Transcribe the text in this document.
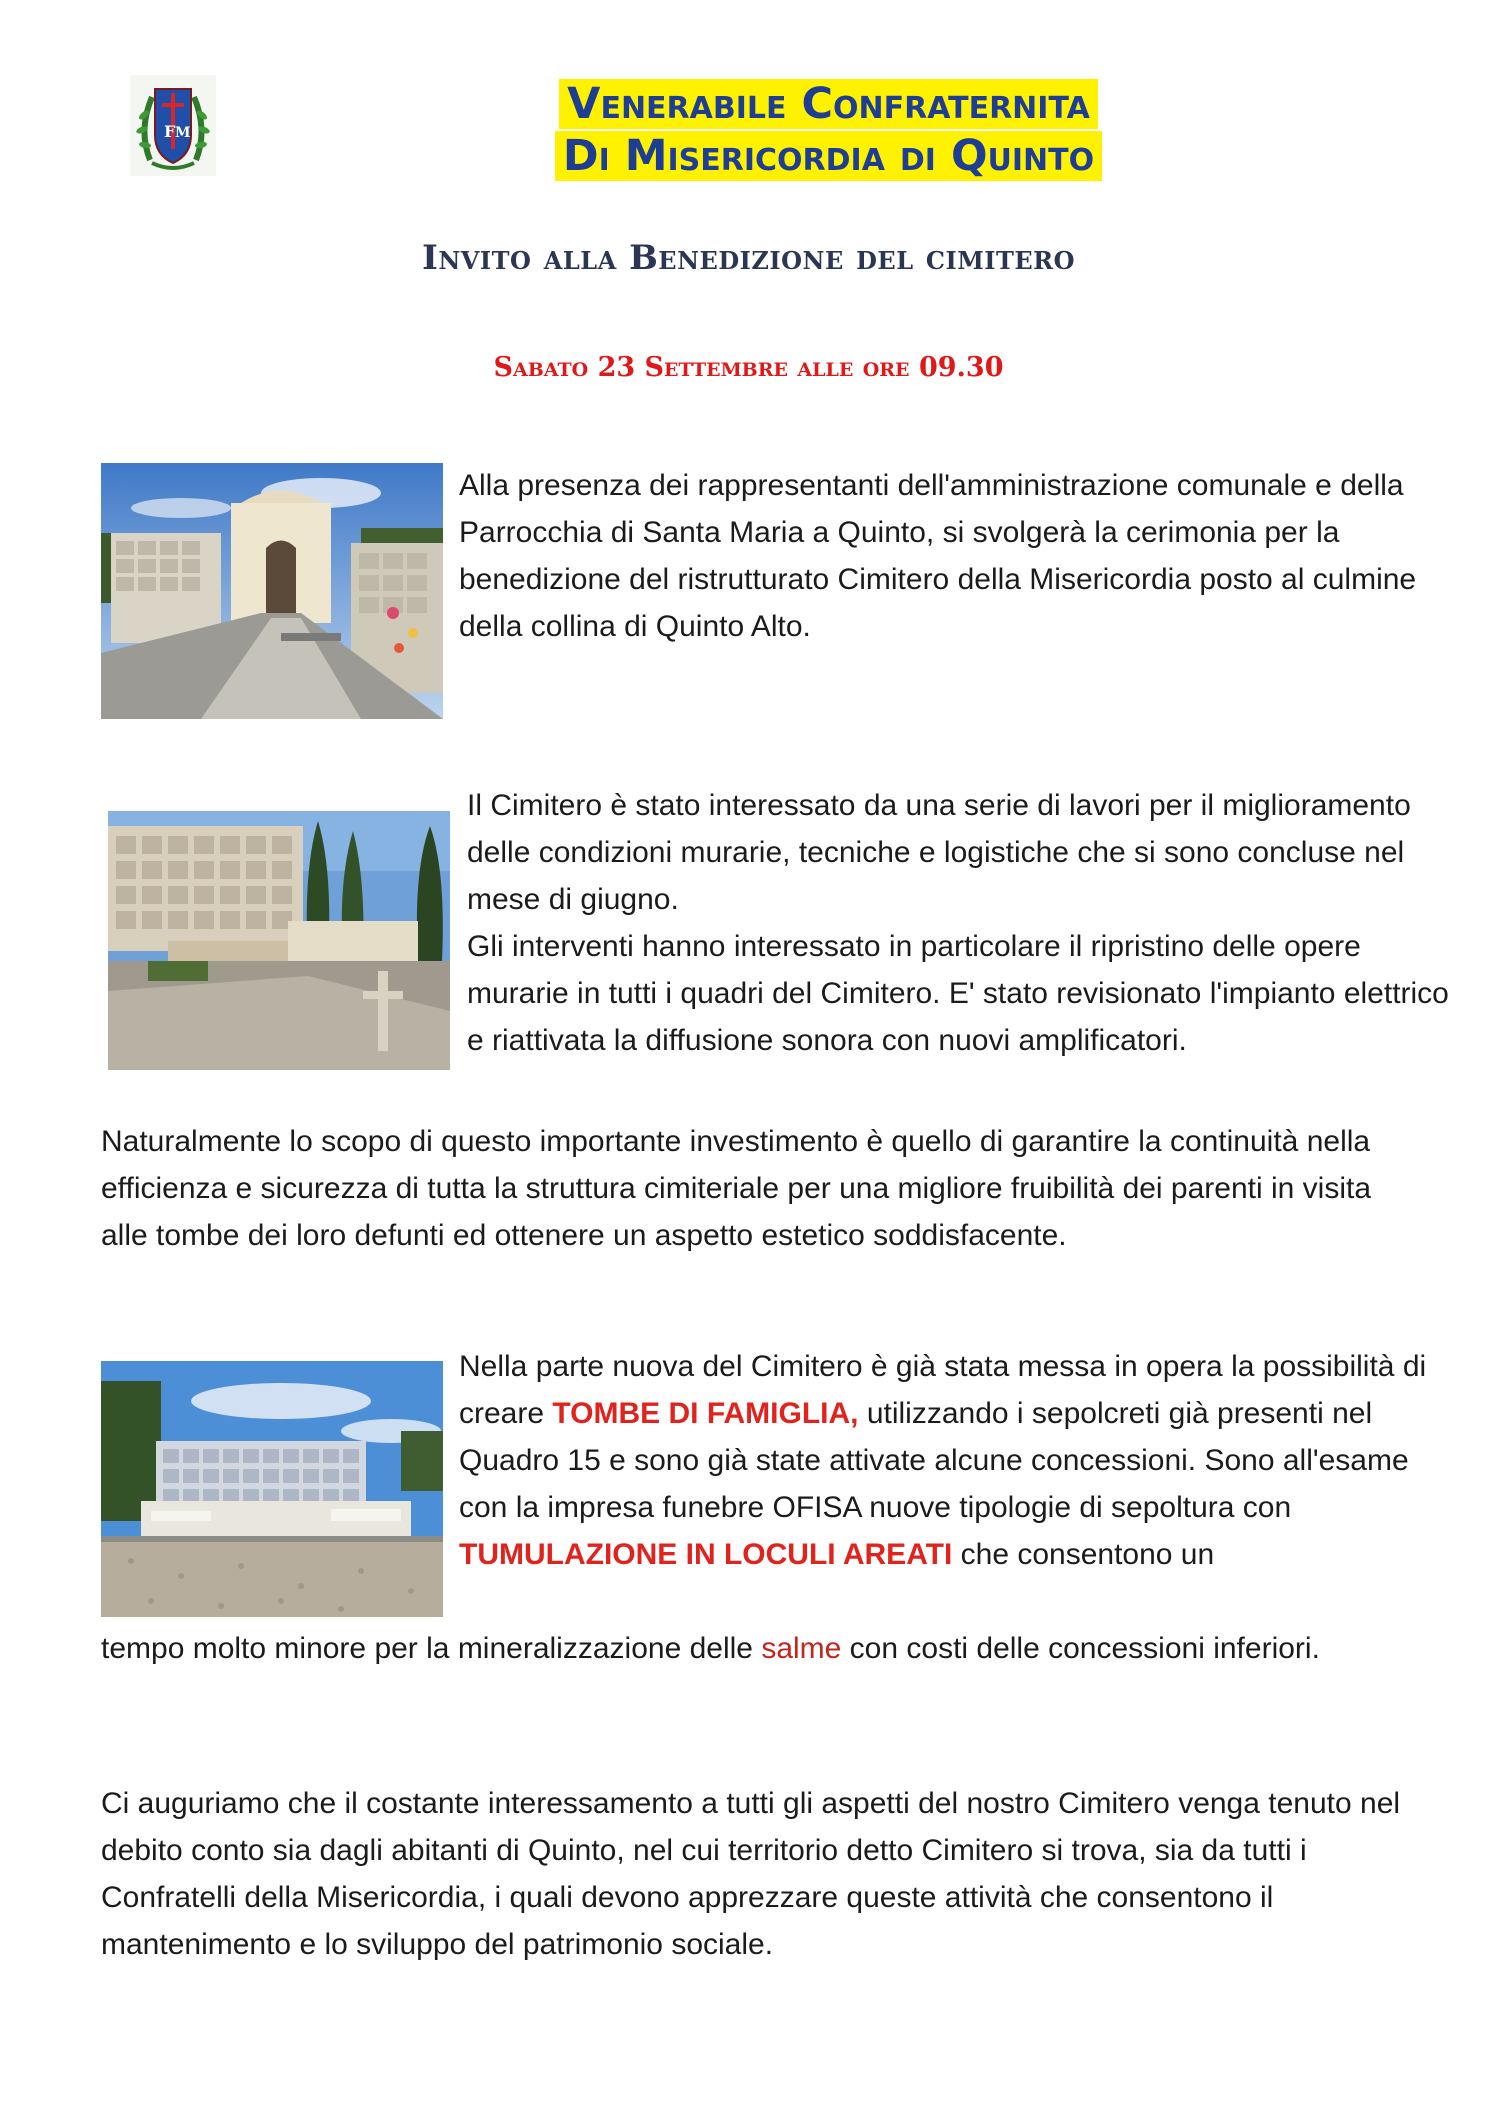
F M
Venerabile Confraternita
Di Misericordia di Quinto
Invito alla Benedizione del cimitero
Sabato 23 Settembre alle ore 09.30
Alla presenza dei rappresentanti dell'amministrazione comunale e della Parrocchia di Santa Maria a Quinto, si svolgerà la cerimonia per la benedizione del ristrutturato Cimitero della Misericordia posto al culmine della collina di Quinto Alto.
Il Cimitero è stato interessato da una serie di lavori per il miglioramento delle condizioni murarie, tecniche e logistiche che si sono concluse nel mese di giugno.
Gli interventi hanno interessato in particolare il ripristino delle opere murarie in tutti i quadri del Cimitero. E' stato revisionato l'impianto elettrico e riattivata la diffusione sonora con nuovi amplificatori.
Naturalmente lo scopo di questo importante investimento è quello di garantire la continuità nella efficienza e sicurezza di tutta la struttura cimiteriale per una migliore fruibilità dei parenti in visita alle tombe dei loro defunti ed ottenere un aspetto estetico soddisfacente.
Nella parte nuova del Cimitero è già stata messa in opera la possibilità di creare TOMBE DI FAMIGLIA, utilizzando i sepolcreti già presenti nel Quadro 15 e sono già state attivate alcune concessioni. Sono all'esame con la impresa funebre OFISA nuove tipologie di sepoltura con
TUMULAZIONE IN LOCULI AREATI che consentono un
tempo molto minore per la mineralizzazione delle salme con costi delle concessioni inferiori.
Ci auguriamo che il costante interessamento a tutti gli aspetti del nostro Cimitero venga tenuto nel debito conto sia dagli abitanti di Quinto, nel cui territorio detto Cimitero si trova, sia da tutti i Confratelli della Misericordia, i quali devono apprezzare queste attività che consentono il mantenimento e lo sviluppo del patrimonio sociale.
